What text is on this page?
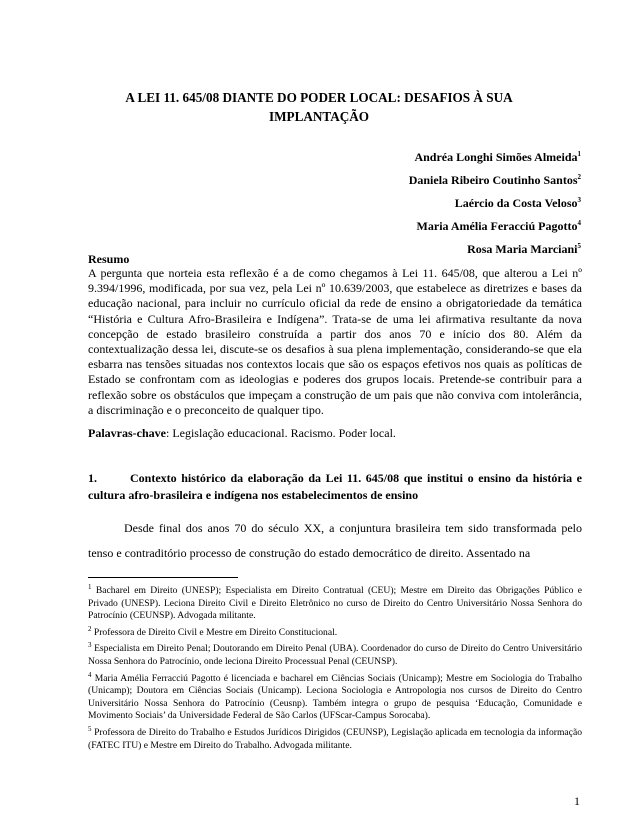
A LEI 11. 645/08 DIANTE DO PODER LOCAL: DESAFIOS À SUA IMPLANTAÇÃO
Andréa Longhi Simões Almeida$^1$
Daniela Ribeiro Coutinho Santos$^2$
Laércio da Costa Veloso$^3$
Maria Amélia Feracciú Pagotto$^4$
Rosa Maria Marciani$^5$
Resumo

A pergunta que norteia esta reflexão é a de como chegamos à Lei 11. 645/08, que alterou a Lei nº 9.394/1996, modificada, por sua vez, pela Lei nº 10.639/2003, que estabelece as diretrizes e bases da educação nacional, para incluir no currículo oficial da rede de ensino a obrigatoriedade da temática “História e Cultura Afro-Brasileira e Indígena”. Trata-se de uma lei afirmativa resultante da nova concepção de estado brasileiro construída a partir dos anos 70 e início dos 80. Além da contextualização dessa lei, discute-se os desafios à sua plena implementação, considerando-se que ela esbarra nas tensões situadas nos contextos locais que são os espaços efetivos nos quais as políticas de Estado se confrontam com as ideologias e poderes dos grupos locais. Pretende-se contribuir para a reflexão sobre os obstáculos que impeçam a construção de um pais que não conviva com intolerância, a discriminação e o preconceito de qualquer tipo.

Palavras-chave: Legislação educacional. Racismo. Poder local.

1.	Contexto histórico da elaboração da Lei 11. 645/08 que institui o ensino da história e cultura afro-brasileira e indígena nos estabelecimentos de ensino

Desde final dos anos 70 do século XX, a conjuntura brasileira tem sido transformada pelo tenso e contraditório processo de construção do estado democrático de direito. Assentado na

$^1$ Bacharel em Direito (UNESP); Especialista em Direito Contratual (CEU); Mestre em Direito das Obrigações Público e Privado (UNESP). Leciona Direito Civil e Direito Eletrônico no curso de Direito do Centro Universitário Nossa Senhora do Patrocínio (CEUNSP). Advogada militante.

$^2$ Professora de Direito Civil e Mestre em Direito Constitucional.

$^3$ Especialista em Direito Penal; Doutorando em Direito Penal (UBA). Coordenador do curso de Direito do Centro Universitário Nossa Senhora do Patrocínio, onde leciona Direito Processual Penal (CEUNSP).

$^4$ Maria Amélia Ferracciú Pagotto é licenciada e bacharel em Ciências Sociais (Unicamp); Mestre em Sociologia do Trabalho (Unicamp); Doutora em Ciências Sociais (Unicamp). Leciona Sociologia e Antropologia nos cursos de Direito do Centro Universitário Nossa Senhora do Patrocínio (Ceusnp). Também integra o grupo de pesquisa ‘Educação, Comunidade e Movimento Sociais’ da Universidade Federal de São Carlos (UFScar-Campus Sorocaba).

$^5$ Professora de Direito do Trabalho e Estudos Jurídicos Dirigidos (CEUNSP), Legislação aplicada em tecnologia da informação (FATEC ITU) e Mestre em Direito do Trabalho. Advogada militante.

1
